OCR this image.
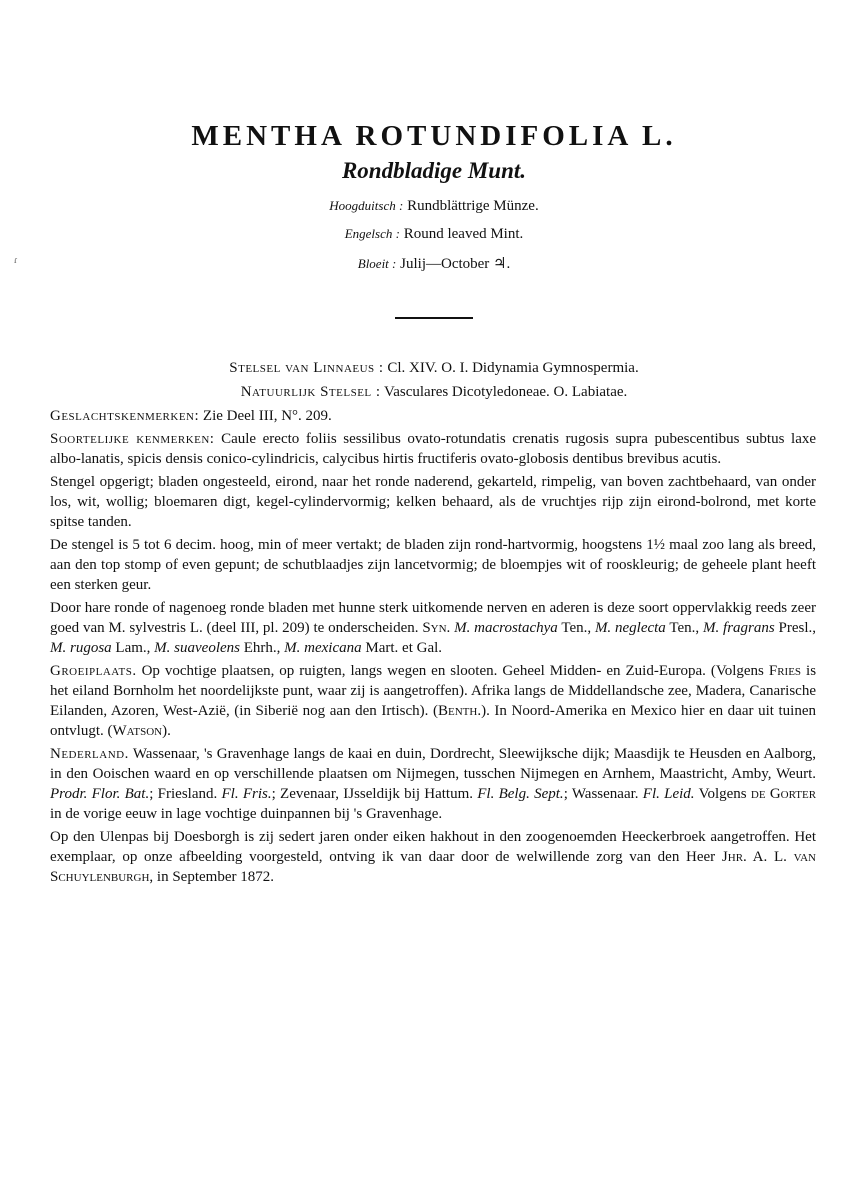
ɾ
MENTHA ROTUNDIFOLIA L.
Rondbladige Munt.
Hoogduitsch : Rundblättrige Münze.
Engelsch : Round leaved Mint.
Bloeit : Julij—October ♃.
Stelsel van Linnaeus : Cl. XIV. O. I. Didynamia Gymnospermia.
Natuurlijk Stelsel : Vasculares Dicotyledoneae. O. Labiatae.

Geslachtskenmerken: Zie Deel III, N°. 209.

Soortelijke kenmerken: Caule erecto foliis sessilibus ovato-rotundatis crenatis rugosis supra pubescentibus subtus laxe albo-lanatis, spicis densis conico-cylindricis, calycibus hirtis fructiferis ovato-globosis dentibus brevibus acutis.

Stengel opgerigt; bladen ongesteeld, eirond, naar het ronde naderend, gekarteld, rimpelig, van boven zachtbehaard, van onder los, wit, wollig; bloemaren digt, kegel-cylindervormig; kelken behaard, als de vruchtjes rijp zijn eirond-bolrond, met korte spitse tanden.

De stengel is 5 tot 6 decim. hoog, min of meer vertakt; de bladen zijn rond-hartvormig, hoogstens 1½ maal zoo lang als breed, aan den top stomp of even gepunt; de schutblaadjes zijn lancetvormig; de bloempjes wit of rooskleurig; de geheele plant heeft een sterken geur.

Door hare ronde of nagenoeg ronde bladen met hunne sterk uitkomende nerven en aderen is deze soort oppervlakkig reeds zeer goed van M. sylvestris L. (deel III, pl. 209) te onderscheiden. Syn. M. macrostachya Ten., M. neglecta Ten., M. fragrans Presl., M. rugosa Lam., M. suaveolens Ehrh., M. mexicana Mart. et Gal.

Groeiplaats. Op vochtige plaatsen, op ruigten, langs wegen en slooten. Geheel Midden- en Zuid-Europa. (Volgens Fries is het eiland Bornholm het noordelijkste punt, waar zij is aangetroffen). Afrika langs de Middellandsche zee, Madera, Canarische Eilanden, Azoren, West-Azië, (in Siberië nog aan den Irtisch). (Benth.). In Noord-Amerika en Mexico hier en daar uit tuinen ontvlugt. (Watson).

Nederland. Wassenaar, 's Gravenhage langs de kaai en duin, Dordrecht, Sleewijksche dijk; Maasdijk te Heusden en Aalborg, in den Ooischen waard en op verschillende plaatsen om Nijmegen, tusschen Nijmegen en Arnhem, Maastricht, Amby, Weurt. Prodr. Flor. Bat.; Friesland. Fl. Fris.; Zevenaar, IJsseldijk bij Hattum. Fl. Belg. Sept.; Wassenaar. Fl. Leid. Volgens de Gorter in de vorige eeuw in lage vochtige duinpannen bij 's Gravenhage.

Op den Ulenpas bij Doesborgh is zij sedert jaren onder eiken hakhout in den zoogenoemden Heeckerbroek aangetroffen. Het exemplaar, op onze afbeelding voorgesteld, ontving ik van daar door de welwillende zorg van den Heer Jhr. A. L. van Schuylenburgh, in September 1872.
